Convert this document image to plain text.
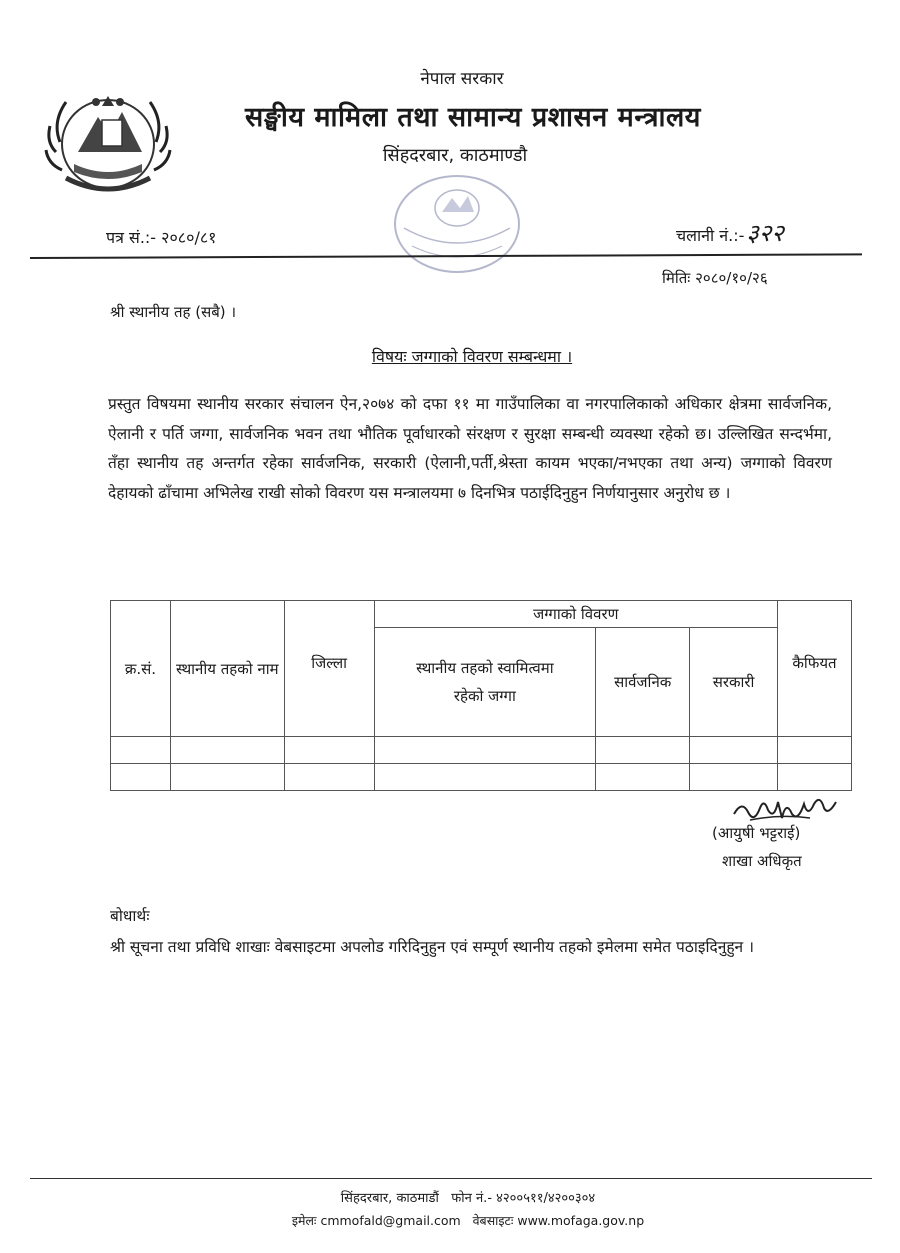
नेपाल सरकार
सङ्घीय मामिला तथा सामान्य प्रशासन मन्त्रालय
सिंहदरबार, काठमाण्डौ
पत्र सं.:- २०८०/८१	चलानी नं.:-३२२
मितिः २०८०/१०/२६
श्री स्थानीय तह (सबै) ।
विषयः जग्गाको विवरण सम्बन्धमा ।
प्रस्तुत विषयमा स्थानीय सरकार संचालन ऐन,२०७४ को दफा ११ मा गाउँपालिका वा नगरपालिकाको अधिकार क्षेत्रमा सार्वजनिक, ऐलानी र पर्ति जग्गा, सार्वजनिक भवन तथा भौतिक पूर्वाधारको संरक्षण र सुरक्षा सम्बन्धी व्यवस्था रहेको छ। उल्लिखित सन्दर्भमा, तँहा स्थानीय तह अन्तर्गत रहेका सार्वजनिक, सरकारी (ऐलानी,पर्ती,श्रेस्ता कायम भएका/नभएका तथा अन्य) जग्गाको विवरण देहायको ढाँचामा अभिलेख राखी सोको विवरण यस मन्त्रालयमा ७ दिनभित्र पठाईदिनुहुन निर्णयानुसार अनुरोध छ ।
क्र.सं.	स्थानीय तहको नाम	जिल्ला	जग्गाको विवरण			कैफियत
			स्थानीय तहको स्वामित्वमा रहेको जग्गा	सार्वजनिक	सरकारी	

(आयुषी भट्टराई)
शाखा अधिकृत
बोधार्थः
श्री सूचना तथा प्रविधि शाखाः वेबसाइटमा अपलोड गरिदिनुहुन एवं सम्पूर्ण स्थानीय तहको इमेलमा समेत पठाइदिनुहुन ।
सिंहदरबार, काठमाडौं फोन नं.- ४२००५११/४२००३०४
इमेलः cmmofald@gmail.com वेबसाइटः www.mofaga.gov.np
